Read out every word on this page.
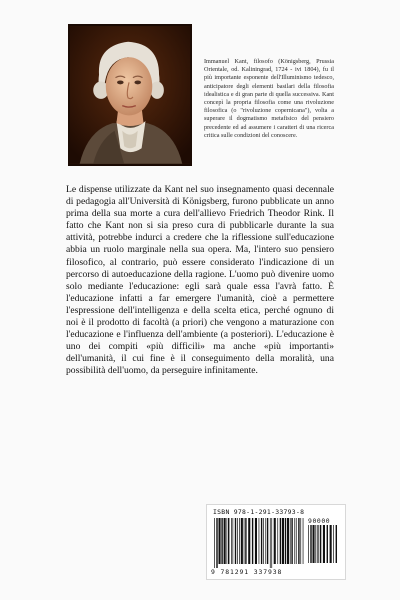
Immanuel Kant, filosofo (Königsberg, Prussia Orientale, od. Kaliningrad, 1724 - ivi 1804), fu il più importante esponente dell'Illuminismo tedesco, anticipatore degli elementi basilari della filosofia idealistica e di gran parte di quella successiva. Kant concepì la propria filosofia come una rivoluzione filosofica (o "rivoluzione copernicana"), volta a superare il dogmatismo metafisico del pensiero precedente ed ad assumere i caratteri di una ricerca critica sulle condizioni del conoscere.

Le dispense utilizzate da Kant nel suo insegnamento quasi decennale di pedagogia all'Università di Königsberg, furono pubblicate un anno prima della sua morte a cura dell'allievo Friedrich Theodor Rink. Il fatto che Kant non si sia preso cura di pubblicarle durante la sua attività, potrebbe indurci a credere che la riflessione sull'educazione abbia un ruolo marginale nella sua opera. Ma, l'intero suo pensiero filosofico, al contrario, può essere considerato l'indicazione di un percorso di autoeducazione della ragione. L'uomo può divenire uomo solo mediante l'educazione: egli sarà quale essa l'avrà fatto. È l'educazione infatti a far emergere l'umanità, cioè a permettere l'espressione dell'intelligenza e della scelta etica, perché ognuno di noi è il prodotto di facoltà (a priori) che vengono a maturazione con l'educazione e l'influenza dell'ambiente (a posteriori). L'educazione è uno dei compiti «più difficili» ma anche «più importanti» dell'umanità, il cui fine è il conseguimento della moralità, una possibilità dell'uomo, da perseguire infinitamente.

ISBN 978-1-291-33793-8
90000
9 781291 337938
